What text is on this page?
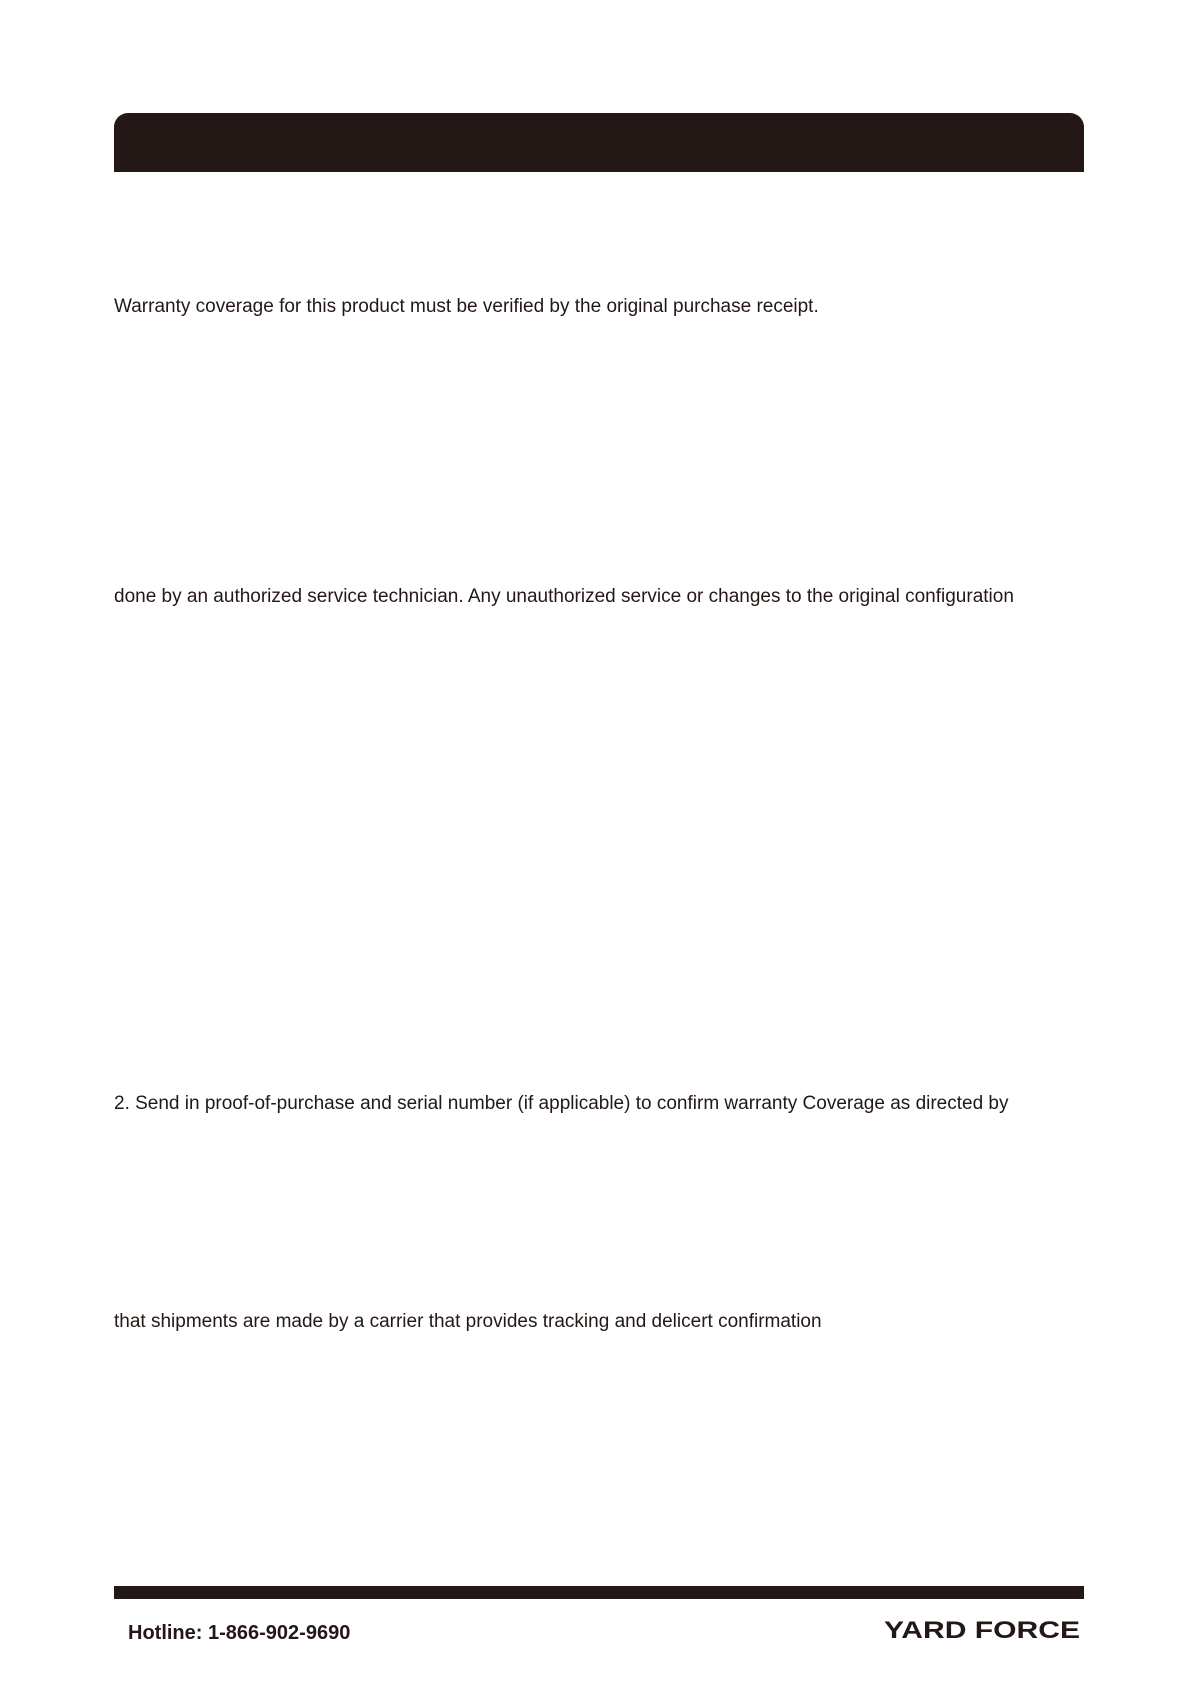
Warranty coverage for this product must be verified by the original purchase receipt.
done by an authorized service technician. Any unauthorized service or changes to the original configuration
2. Send in proof-of-purchase and serial number (if applicable) to confirm warranty Coverage as directed by
that shipments are made by a carrier that provides tracking and delicert confirmation
Hotline: 1-866-902-9690	YARD FORCE
